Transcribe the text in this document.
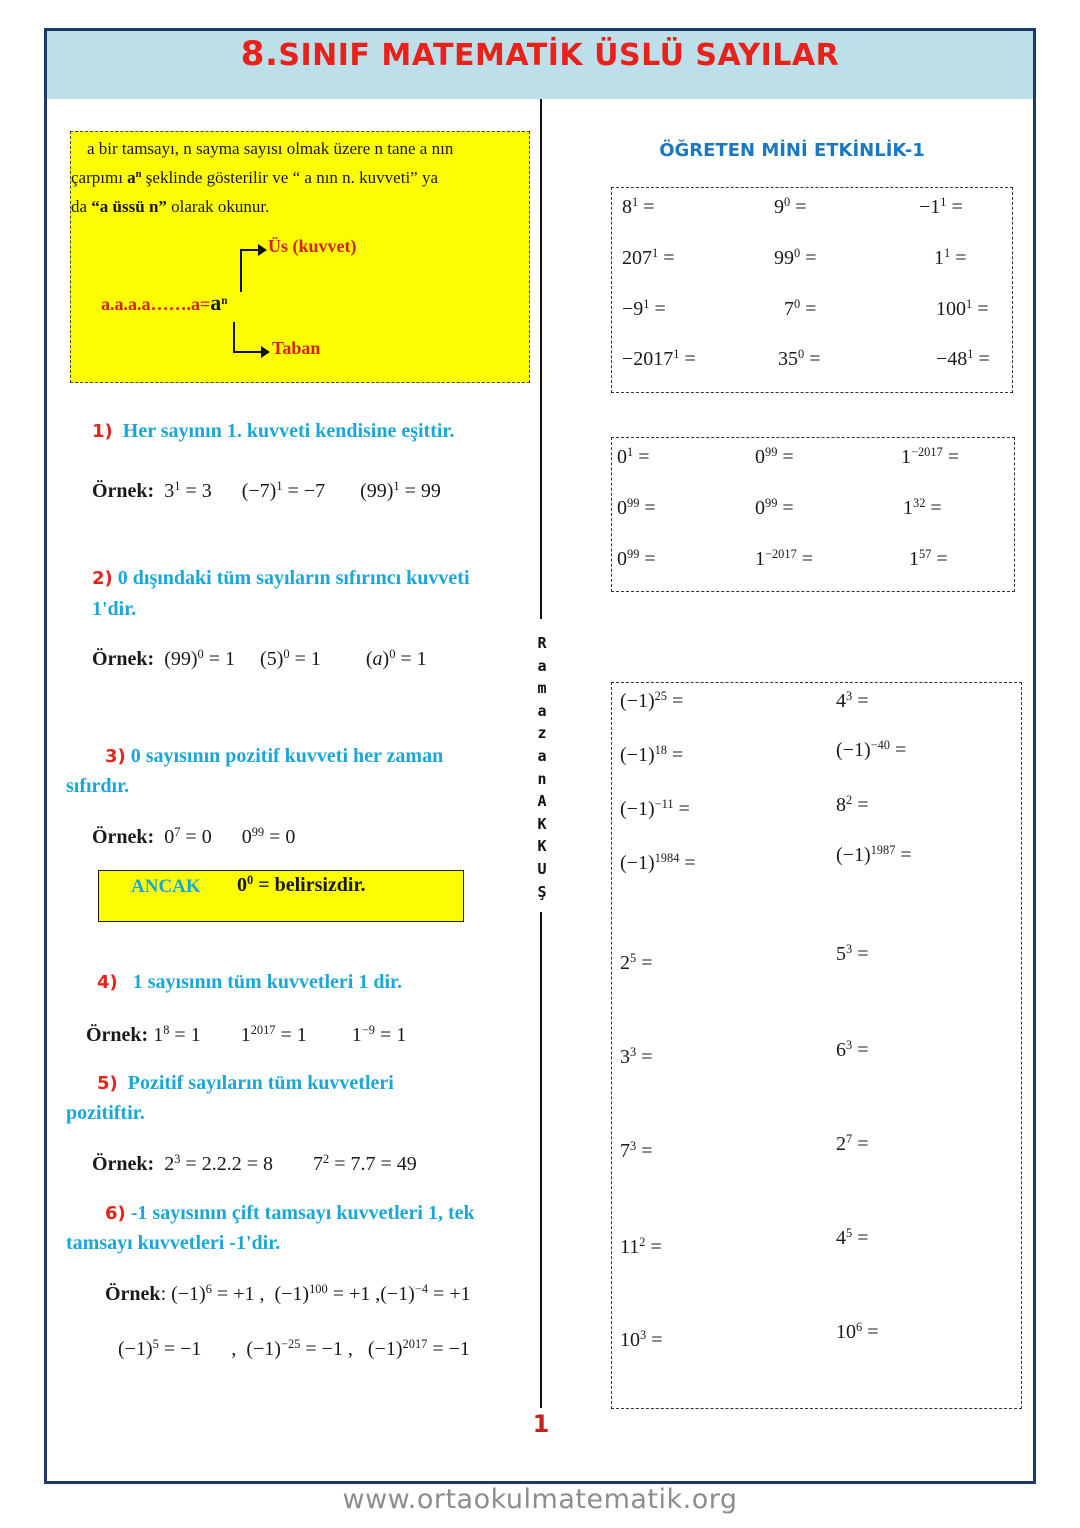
8.SINIF MATEMATİK ÜSLÜ SAYILAR
R
a
m
a
z
a
n
A
K
K
U
Ş
1
a bir tamsayı, n sayma sayısı olmak üzere n tane a nın
çarpımı $a^n$ şeklinde gösterilir ve “ a nın n. kuvveti” ya
da “a üssü n” olarak okunur.
$a.a.a.a\dots\dots.a=a^n$
Üs (kuvvet)
Taban
1) Her sayının 1. kuvveti kendisine eşittir.
Örnek:  $3^1 = 3$      $(-7)^1 = -7$       $(99)^1 = 99$
2) 0 dışındaki tüm sayıların sıfırıncı kuvveti
1'dir.
Örnek:  $(99)^0 = 1$     $(5)^0 = 1$         $(a)^0 = 1$
3) 0 sayısının pozitif kuvveti her zaman
sıfırdır.
Örnek:  $0^7 = 0$      $0^{99} = 0$
ANCAK $0^0$ = belirsizdir.
4) 1 sayısının tüm kuvvetleri 1 dir.
Örnek: $1^8 = 1$        $1^{2017} = 1$         $1^{-9} = 1$
5) Pozitif sayıların tüm kuvvetleri
pozitiftir.
Örnek:  $2^3 = 2.2.2 = 8$        $7^2 = 7.7 = 49$
6) -1 sayısının çift tamsayı kuvvetleri 1, tek
tamsayı kuvvetleri -1'dir.
Örnek: $(-1)^6 = +1$ ,  $(-1)^{100} = +1$ $,(-1)^{-4} = +1$
$(-1)^5 = -1$      ,  $(-1)^{-25} = -1$ ,   $(-1)^{2017} = -1$
ÖĞRETEN MİNİ ETKİNLİK-1
$8^1$ =	$9^0$ =	$-1^1$ =
$207^1$ =	$99^0$ =	$1^1$ =
$-9^1$ =	$7^0$ =	$100^1$ =
$-2017^1$ =	$35^0$ =	$-48^1$ =
$0^1$ =	$0^{99}$ =	$1^{-2017}$ =
$0^{99}$ =	$0^{99}$ =	$1^{32}$ =
$0^{99}$ =	$1^{-2017}$ =	$1^{57}$ =
$(-1)^{25}$ =	$4^3$ =
$(-1)^{18}$ =	$(-1)^{-40}$ =
$(-1)^{-11}$ =	$8^2$ =
$(-1)^{1984}$ =	$(-1)^{1987}$ =
$2^5$ =	$5^3$ =
$3^3$ =	$6^3$ =
$7^3$ =	$2^7$ =
$11^2$ =	$4^5$ =
$10^3$ =	$10^6$ =
www.ortaokulmatematik.org
